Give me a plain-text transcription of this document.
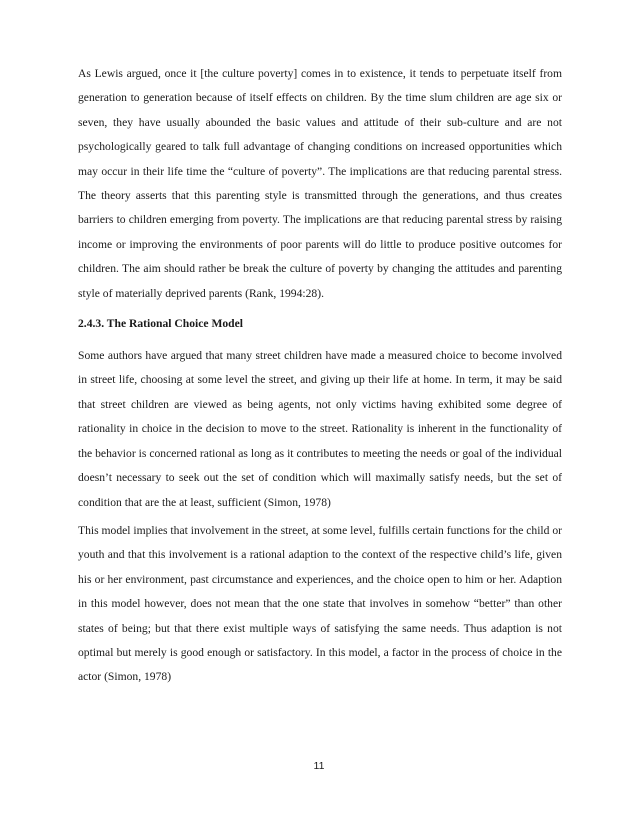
As Lewis argued, once it [the culture poverty] comes in to existence, it tends to perpetuate itself from generation to generation because of itself effects on children. By the time slum children are age six or seven, they have usually abounded the basic values and attitude of their sub-culture and are not psychologically geared to talk full advantage of changing conditions on increased opportunities which may occur in their life time the “culture of poverty”. The implications are that reducing parental stress. The theory asserts that this parenting style is transmitted through the generations, and thus creates barriers to children emerging from poverty. The implications are that reducing parental stress by raising income or improving the environments of poor parents will do little to produce positive outcomes for children. The aim should rather be break the culture of poverty by changing the attitudes and parenting style of materially deprived parents (Rank, 1994:28).

2.4.3. The Rational Choice Model

Some authors have argued that many street children have made a measured choice to become involved in street life, choosing at some level the street, and giving up their life at home. In term, it may be said that street children are viewed as being agents, not only victims having exhibited some degree of rationality in choice in the decision to move to the street. Rationality is inherent in the functionality of the behavior is concerned rational as long as it contributes to meeting the needs or goal of the individual doesn’t necessary to seek out the set of condition which will maximally satisfy needs, but the set of condition that are the at least, sufficient (Simon, 1978)

This model implies that involvement in the street, at some level, fulfills certain functions for the child or youth and that this involvement is a rational adaption to the context of the respective child’s life, given his or her environment, past circumstance and experiences, and the choice open to him or her. Adaption in this model however, does not mean that the one state that involves in somehow “better” than other states of being; but that there exist multiple ways of satisfying the same needs. Thus adaption is not optimal but merely is good enough or satisfactory. In this model, a factor in the process of choice in the actor (Simon, 1978)

11
